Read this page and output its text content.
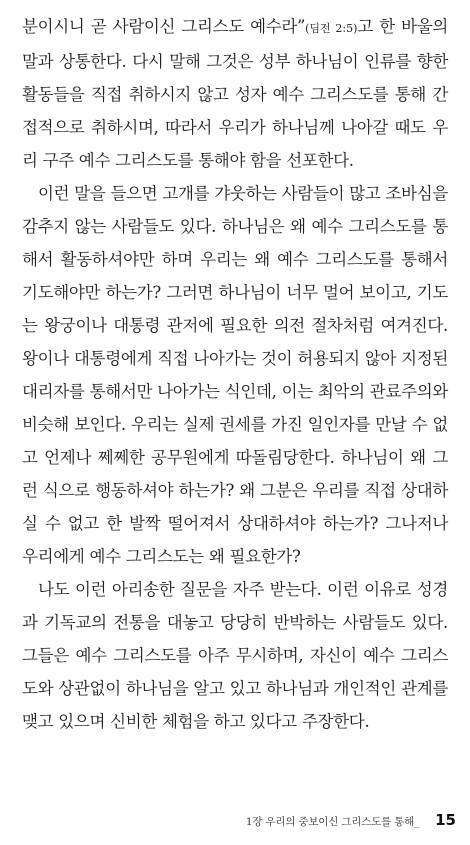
분이시니 곧 사람이신 그리스도 예수라”(딤전 2:5)고 한 바울의 말과 상통한다. 다시 말해 그것은 성부 하나님이 인류를 향한 활동들을 직접 취하시지 않고 성자 예수 그리스도를 통해 간접적으로 취하시며, 따라서 우리가 하나님께 나아갈 때도 우리 구주 예수 그리스도를 통해야 함을 선포한다.

이런 말을 들으면 고개를 갸웃하는 사람들이 많고 조바심을 감추지 않는 사람들도 있다. 하나님은 왜 예수 그리스도를 통해서 활동하셔야만 하며 우리는 왜 예수 그리스도를 통해서 기도해야만 하는가? 그러면 하나님이 너무 멀어 보이고, 기도는 왕궁이나 대통령 관저에 필요한 의전 절차처럼 여겨진다. 왕이나 대통령에게 직접 나아가는 것이 허용되지 않아 지정된 대리자를 통해서만 나아가는 식인데, 이는 최악의 관료주의와 비슷해 보인다. 우리는 실제 권세를 가진 일인자를 만날 수 없고 언제나 쩨쩨한 공무원에게 따돌림당한다. 하나님이 왜 그런 식으로 행동하셔야 하는가? 왜 그분은 우리를 직접 상대하실 수 없고 한 발짝 떨어져서 상대하셔야 하는가? 그나저나 우리에게 예수 그리스도는 왜 필요한가?

나도 이런 아리송한 질문을 자주 받는다. 이런 이유로 성경과 기독교의 전통을 대놓고 당당히 반박하는 사람들도 있다. 그들은 예수 그리스도를 아주 무시하며, 자신이 예수 그리스도와 상관없이 하나님을 알고 있고 하나님과 개인적인 관계를 맺고 있으며 신비한 체험을 하고 있다고 주장한다.

1장 우리의 중보이신 그리스도를 통해_ 15
